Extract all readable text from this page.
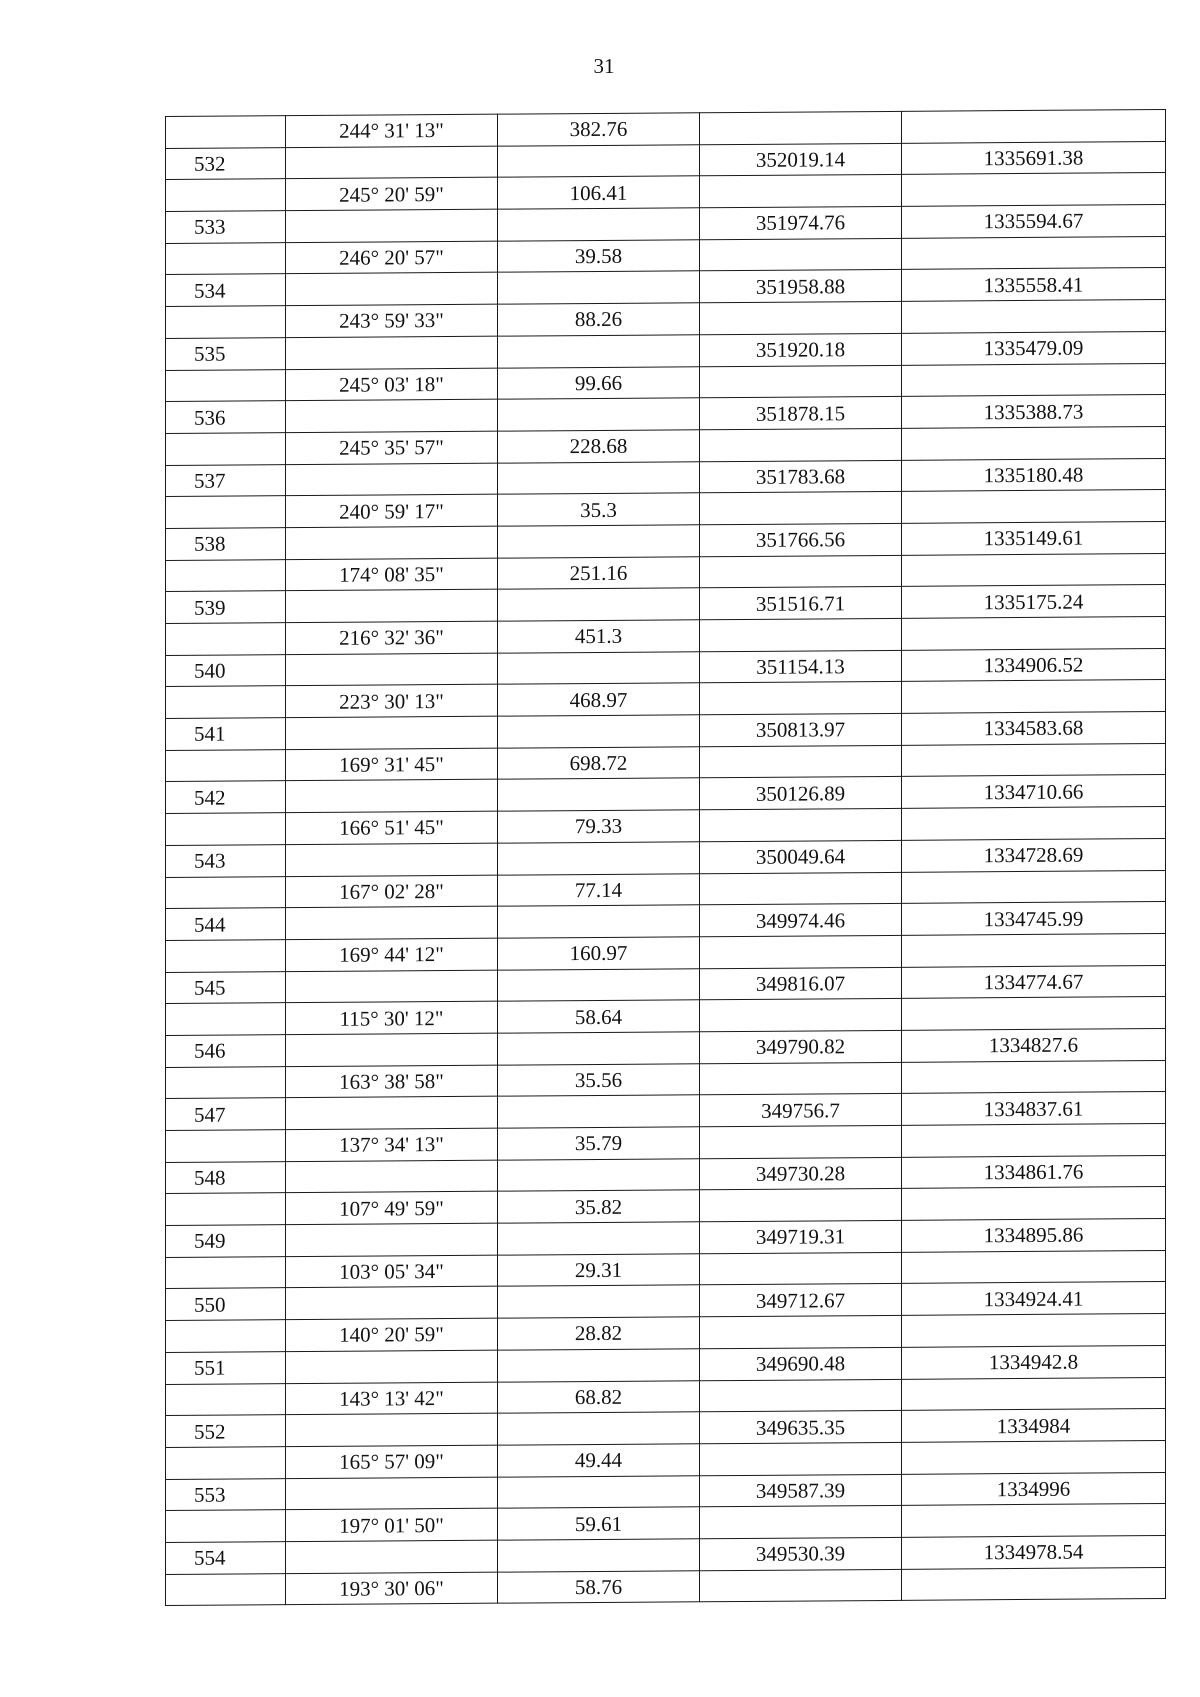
31
	244° 31' 13"	382.76		
532			352019.14	1335691.38
	245° 20' 59"	106.41		
533			351974.76	1335594.67
	246° 20' 57"	39.58		
534			351958.88	1335558.41
	243° 59' 33"	88.26		
535			351920.18	1335479.09
	245° 03' 18"	99.66		
536			351878.15	1335388.73
	245° 35' 57"	228.68		
537			351783.68	1335180.48
	240° 59' 17"	35.3		
538			351766.56	1335149.61
	174° 08' 35"	251.16		
539			351516.71	1335175.24
	216° 32' 36"	451.3		
540			351154.13	1334906.52
	223° 30' 13"	468.97		
541			350813.97	1334583.68
	169° 31' 45"	698.72		
542			350126.89	1334710.66
	166° 51' 45"	79.33		
543			350049.64	1334728.69
	167° 02' 28"	77.14		
544			349974.46	1334745.99
	169° 44' 12"	160.97		
545			349816.07	1334774.67
	115° 30' 12"	58.64		
546			349790.82	1334827.6
	163° 38' 58"	35.56		
547			349756.7	1334837.61
	137° 34' 13"	35.79		
548			349730.28	1334861.76
	107° 49' 59"	35.82		
549			349719.31	1334895.86
	103° 05' 34"	29.31		
550			349712.67	1334924.41
	140° 20' 59"	28.82		
551			349690.48	1334942.8
	143° 13' 42"	68.82		
552			349635.35	1334984
	165° 57' 09"	49.44		
553			349587.39	1334996
	197° 01' 50"	59.61		
554			349530.39	1334978.54
	193° 30' 06"	58.76		
